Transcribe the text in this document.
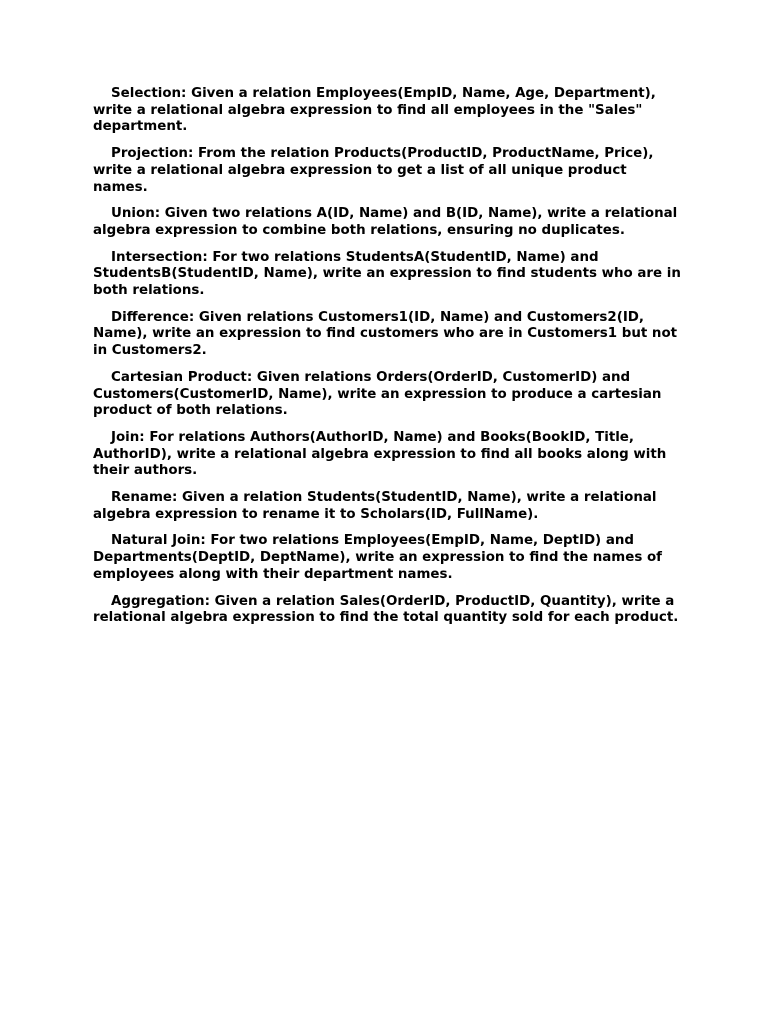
Selection: Given a relation Employees(EmpID, Name, Age, Department), write a relational algebra expression to find all employees in the "Sales" department.
Projection: From the relation Products(ProductID, ProductName, Price), write a relational algebra expression to get a list of all unique product names.
Union: Given two relations A(ID, Name) and B(ID, Name), write a relational algebra expression to combine both relations, ensuring no duplicates.
Intersection: For two relations StudentsA(StudentID, Name) and StudentsB(StudentID, Name), write an expression to find students who are in both relations.
Difference: Given relations Customers1(ID, Name) and Customers2(ID, Name), write an expression to find customers who are in Customers1 but not in Customers2.
Cartesian Product: Given relations Orders(OrderID, CustomerID) and Customers(CustomerID, Name), write an expression to produce a cartesian product of both relations.
Join: For relations Authors(AuthorID, Name) and Books(BookID, Title, AuthorID), write a relational algebra expression to find all books along with their authors.
Rename: Given a relation Students(StudentID, Name), write a relational algebra expression to rename it to Scholars(ID, FullName).
Natural Join: For two relations Employees(EmpID, Name, DeptID) and Departments(DeptID, DeptName), write an expression to find the names of employees along with their department names.
Aggregation: Given a relation Sales(OrderID, ProductID, Quantity), write a relational algebra expression to find the total quantity sold for each product.
